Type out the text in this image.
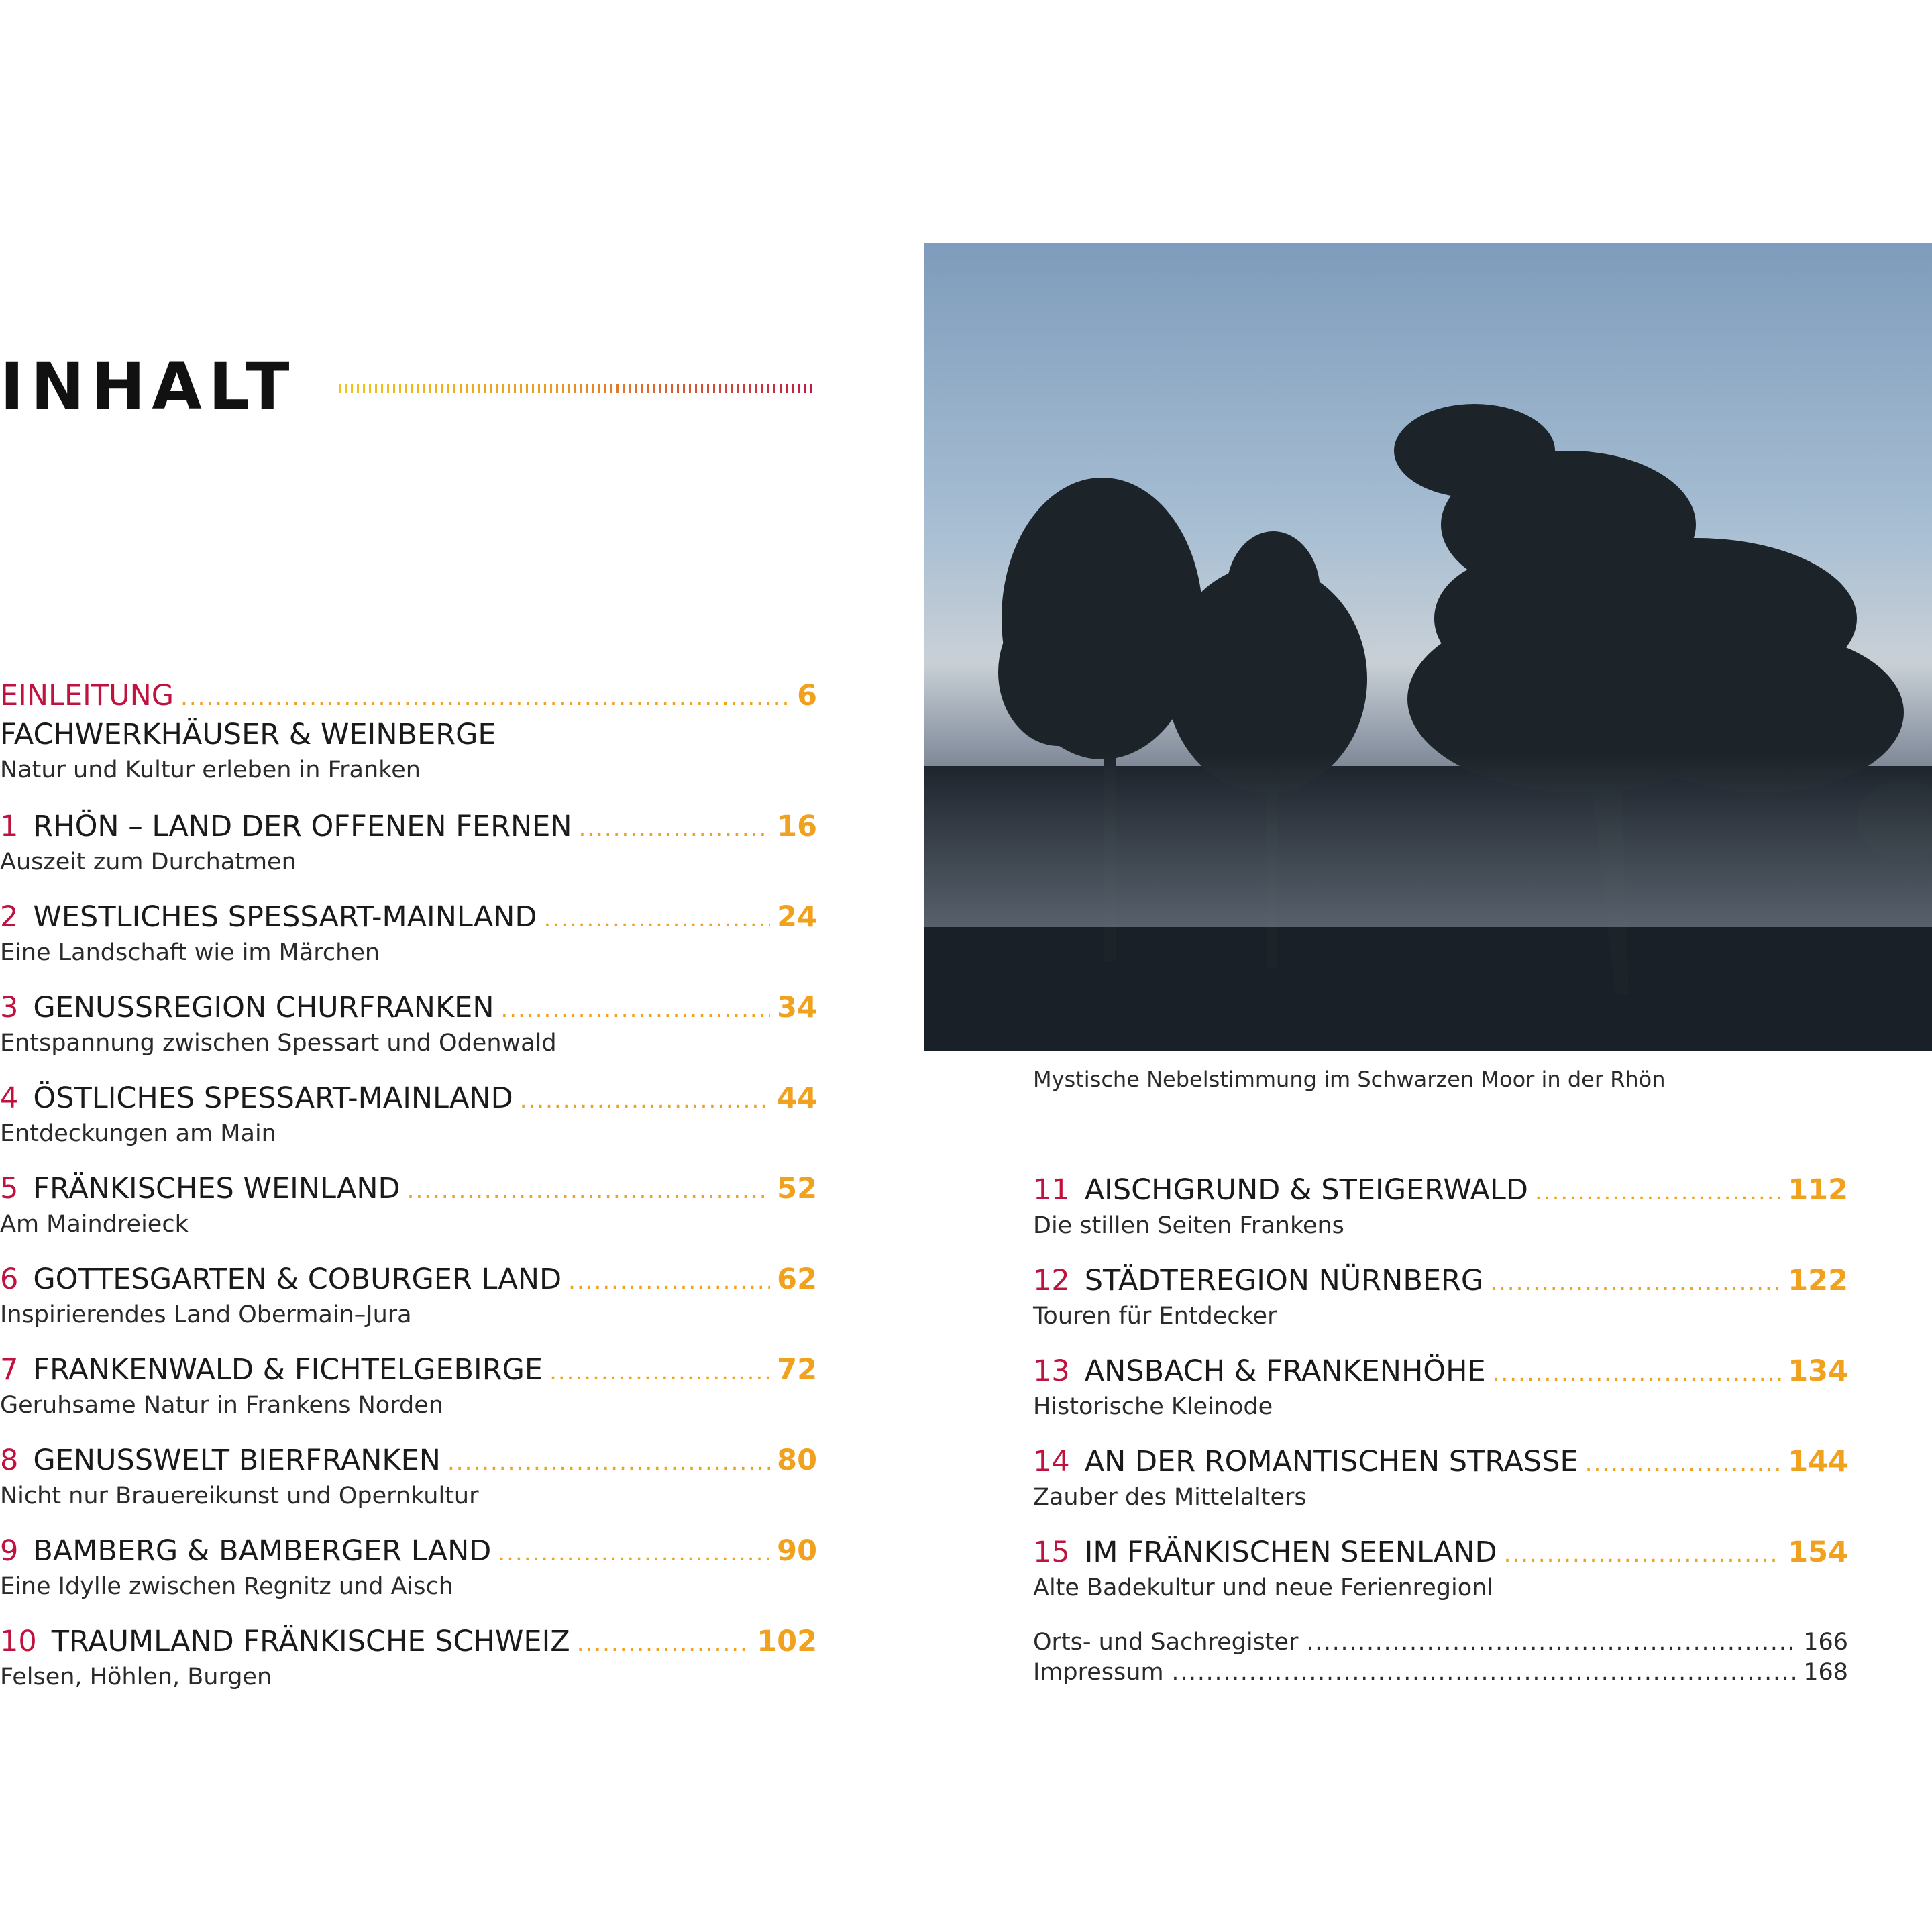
INHALT
EINLEITUNG .....	6
FACHWERKHÄUSER & WEINBERGE
Natur und Kultur erleben in Franken
1 RHÖN – LAND DER OFFENEN FERNEN .....	16
Auszeit zum Durchatmen
2 WESTLICHES SPESSART-MAINLAND .....	24
Eine Landschaft wie im Märchen
3 GENUSSREGION CHURFRANKEN .....	34
Entspannung zwischen Spessart und Odenwald
4 ÖSTLICHES SPESSART-MAINLAND .....	44
Entdeckungen am Main
5 FRÄNKISCHES WEINLAND .....	52
Am Maindreieck
6 GOTTESGARTEN & COBURGER LAND .....	62
Inspirierendes Land Obermain–Jura
7 FRANKENWALD & FICHTELGEBIRGE .....	72
Geruhsame Natur in Frankens Norden
8 GENUSSWELT BIERFRANKEN .....	80
Nicht nur Brauereikunst und Opernkultur
9 BAMBERG & BAMBERGER LAND .....	90
Eine Idylle zwischen Regnitz und Aisch
10 TRAUMLAND FRÄNKISCHE SCHWEIZ .....	102
Felsen, Höhlen, Burgen
Mystische Nebelstimmung im Schwarzen Moor in der Rhön
11 AISCHGRUND & STEIGERWALD .....	112
Die stillen Seiten Frankens
12 STÄDTEREGION NÜRNBERG .....	122
Touren für Entdecker
13 ANSBACH & FRANKENHÖHE .....	134
Historische Kleinode
14 AN DER ROMANTISCHEN STRASSE .....	144
Zauber des Mittelalters
15 IM FRÄNKISCHEN SEENLAND .....	154
Alte Badekultur und neue Ferienregionl
Orts- und Sachregister .....	166
Impressum .....	168
